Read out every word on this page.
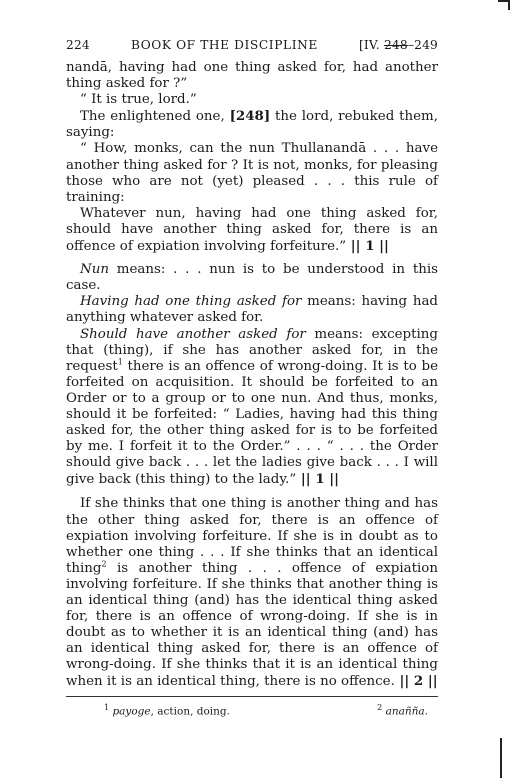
224	BOOK OF THE DISCIPLINE	[IV. 248–249

nandā, having had one thing asked for, had another thing asked for ?”

“ It is true, lord.”

The enlightened one, [248] the lord, rebuked them, saying:

“ How, monks, can the nun Thullanandā . . . have another thing asked for ? It is not, monks, for pleasing those who are not (yet) pleased . . . this rule of training:

Whatever nun, having had one thing asked for, should have another thing asked for, there is an offence of expiation involving forfeiture.” || 1 ||

Nun means: . . . nun is to be understood in this case.

Having had one thing asked for means: having had anything whatever asked for.

Should have another asked for means: excepting that (thing), if she has another asked for, in the request$^1$ there is an offence of wrong-doing. It is to be forfeited on acquisition. It should be forfeited to an Order or to a group or to one nun. And thus, monks, should it be forfeited: “ Ladies, having had this thing asked for, the other thing asked for is to be forfeited by me. I forfeit it to the Order.” . . . “ . . . the Order should give back . . . let the ladies give back . . . I will give back (this thing) to the lady.” || 1 ||

If she thinks that one thing is another thing and has the other thing asked for, there is an offence of expiation involving forfeiture. If she is in doubt as to whether one thing . . . If she thinks that an identical thing$^2$ is another thing . . . offence of expiation involving forfeiture. If she thinks that another thing is an identical thing (and) has the identical thing asked for, there is an offence of wrong-doing. If she is in doubt as to whether it is an identical thing (and) has an identical thing asked for, there is an offence of wrong-doing. If she thinks that it is an identical thing when it is an identical thing, there is no offence. || 2 ||

$^1$ payoge, action, doing.	$^2$ anañña.
